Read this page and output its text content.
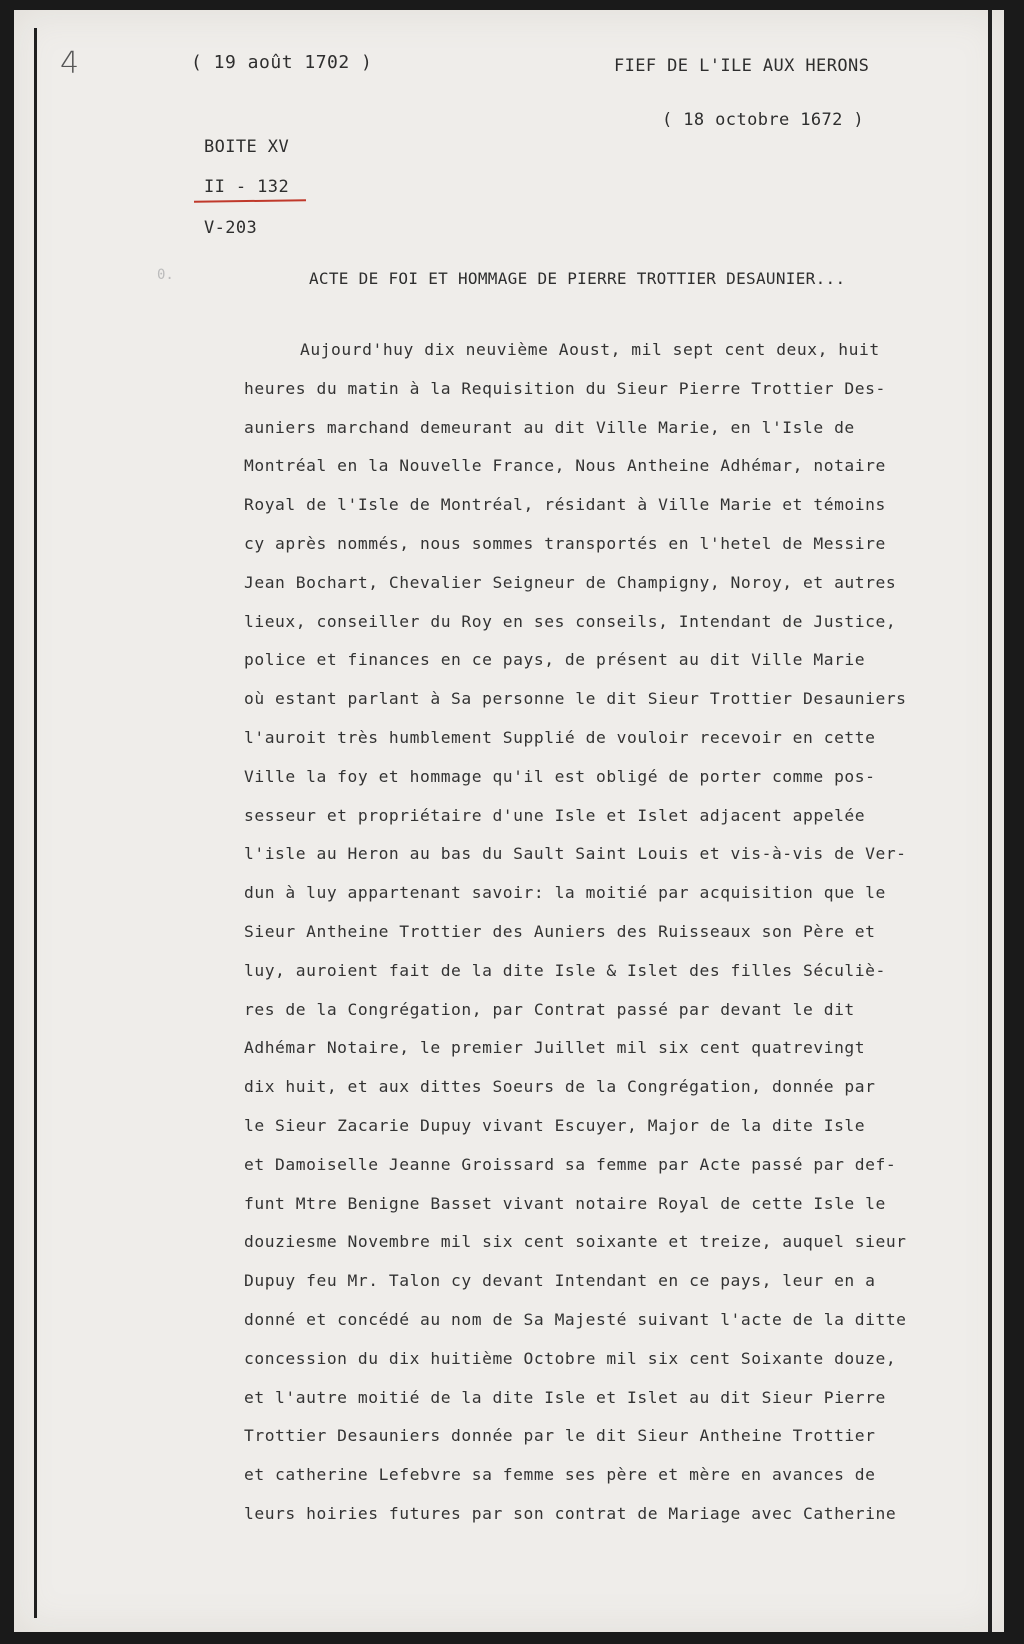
4	( 19 août 1702 )	FIEF DE L'ILE AUX HERONS
( 18 octobre 1672 )
BOITE XV
II - 132
V-203
0.	ACTE DE FOI ET HOMMAGE DE PIERRE TROTTIER DESAUNIER...
Aujourd'huy dix neuvième Aoust, mil sept cent deux, huit
heures du matin à la Requisition du Sieur Pierre Trottier Des-
auniers marchand demeurant au dit Ville Marie, en l'Isle de
Montréal en la Nouvelle France, Nous Antheine Adhémar, notaire
Royal de l'Isle de Montréal, résidant à Ville Marie et témoins
cy après nommés, nous sommes transportés en l'hetel de Messire
Jean Bochart, Chevalier Seigneur de Champigny, Noroy, et autres
lieux, conseiller du Roy en ses conseils, Intendant de Justice,
police et finances en ce pays, de présent au dit Ville Marie
où estant parlant à Sa personne le dit Sieur Trottier Desauniers
l'auroit très humblement Supplié de vouloir recevoir en cette
Ville la foy et hommage qu'il est obligé de porter comme pos-
sesseur et propriétaire d'une Isle et Islet adjacent appelée
l'isle au Heron au bas du Sault Saint Louis et vis-à-vis de Ver-
dun à luy appartenant savoir: la moitié par acquisition que le
Sieur Antheine Trottier des Auniers des Ruisseaux son Père et
luy, auroient fait de la dite Isle & Islet des filles Séculiè-
res de la Congrégation, par Contrat passé par devant le dit
Adhémar Notaire, le premier Juillet mil six cent quatrevingt
dix huit, et aux dittes Soeurs de la Congrégation, donnée par
le Sieur Zacarie Dupuy vivant Escuyer, Major de la dite Isle
et Damoiselle Jeanne Groissard sa femme par Acte passé par def-
funt Mtre Benigne Basset vivant notaire Royal de cette Isle le
douziesme Novembre mil six cent soixante et treize, auquel sieur
Dupuy feu Mr. Talon cy devant Intendant en ce pays, leur en a
donné et concédé au nom de Sa Majesté suivant l'acte de la ditte
concession du dix huitième Octobre mil six cent Soixante douze,
et l'autre moitié de la dite Isle et Islet au dit Sieur Pierre
Trottier Desauniers donnée par le dit Sieur Antheine Trottier
et catherine Lefebvre sa femme ses père et mère en avances de
leurs hoiries futures par son contrat de Mariage avec Catherine
